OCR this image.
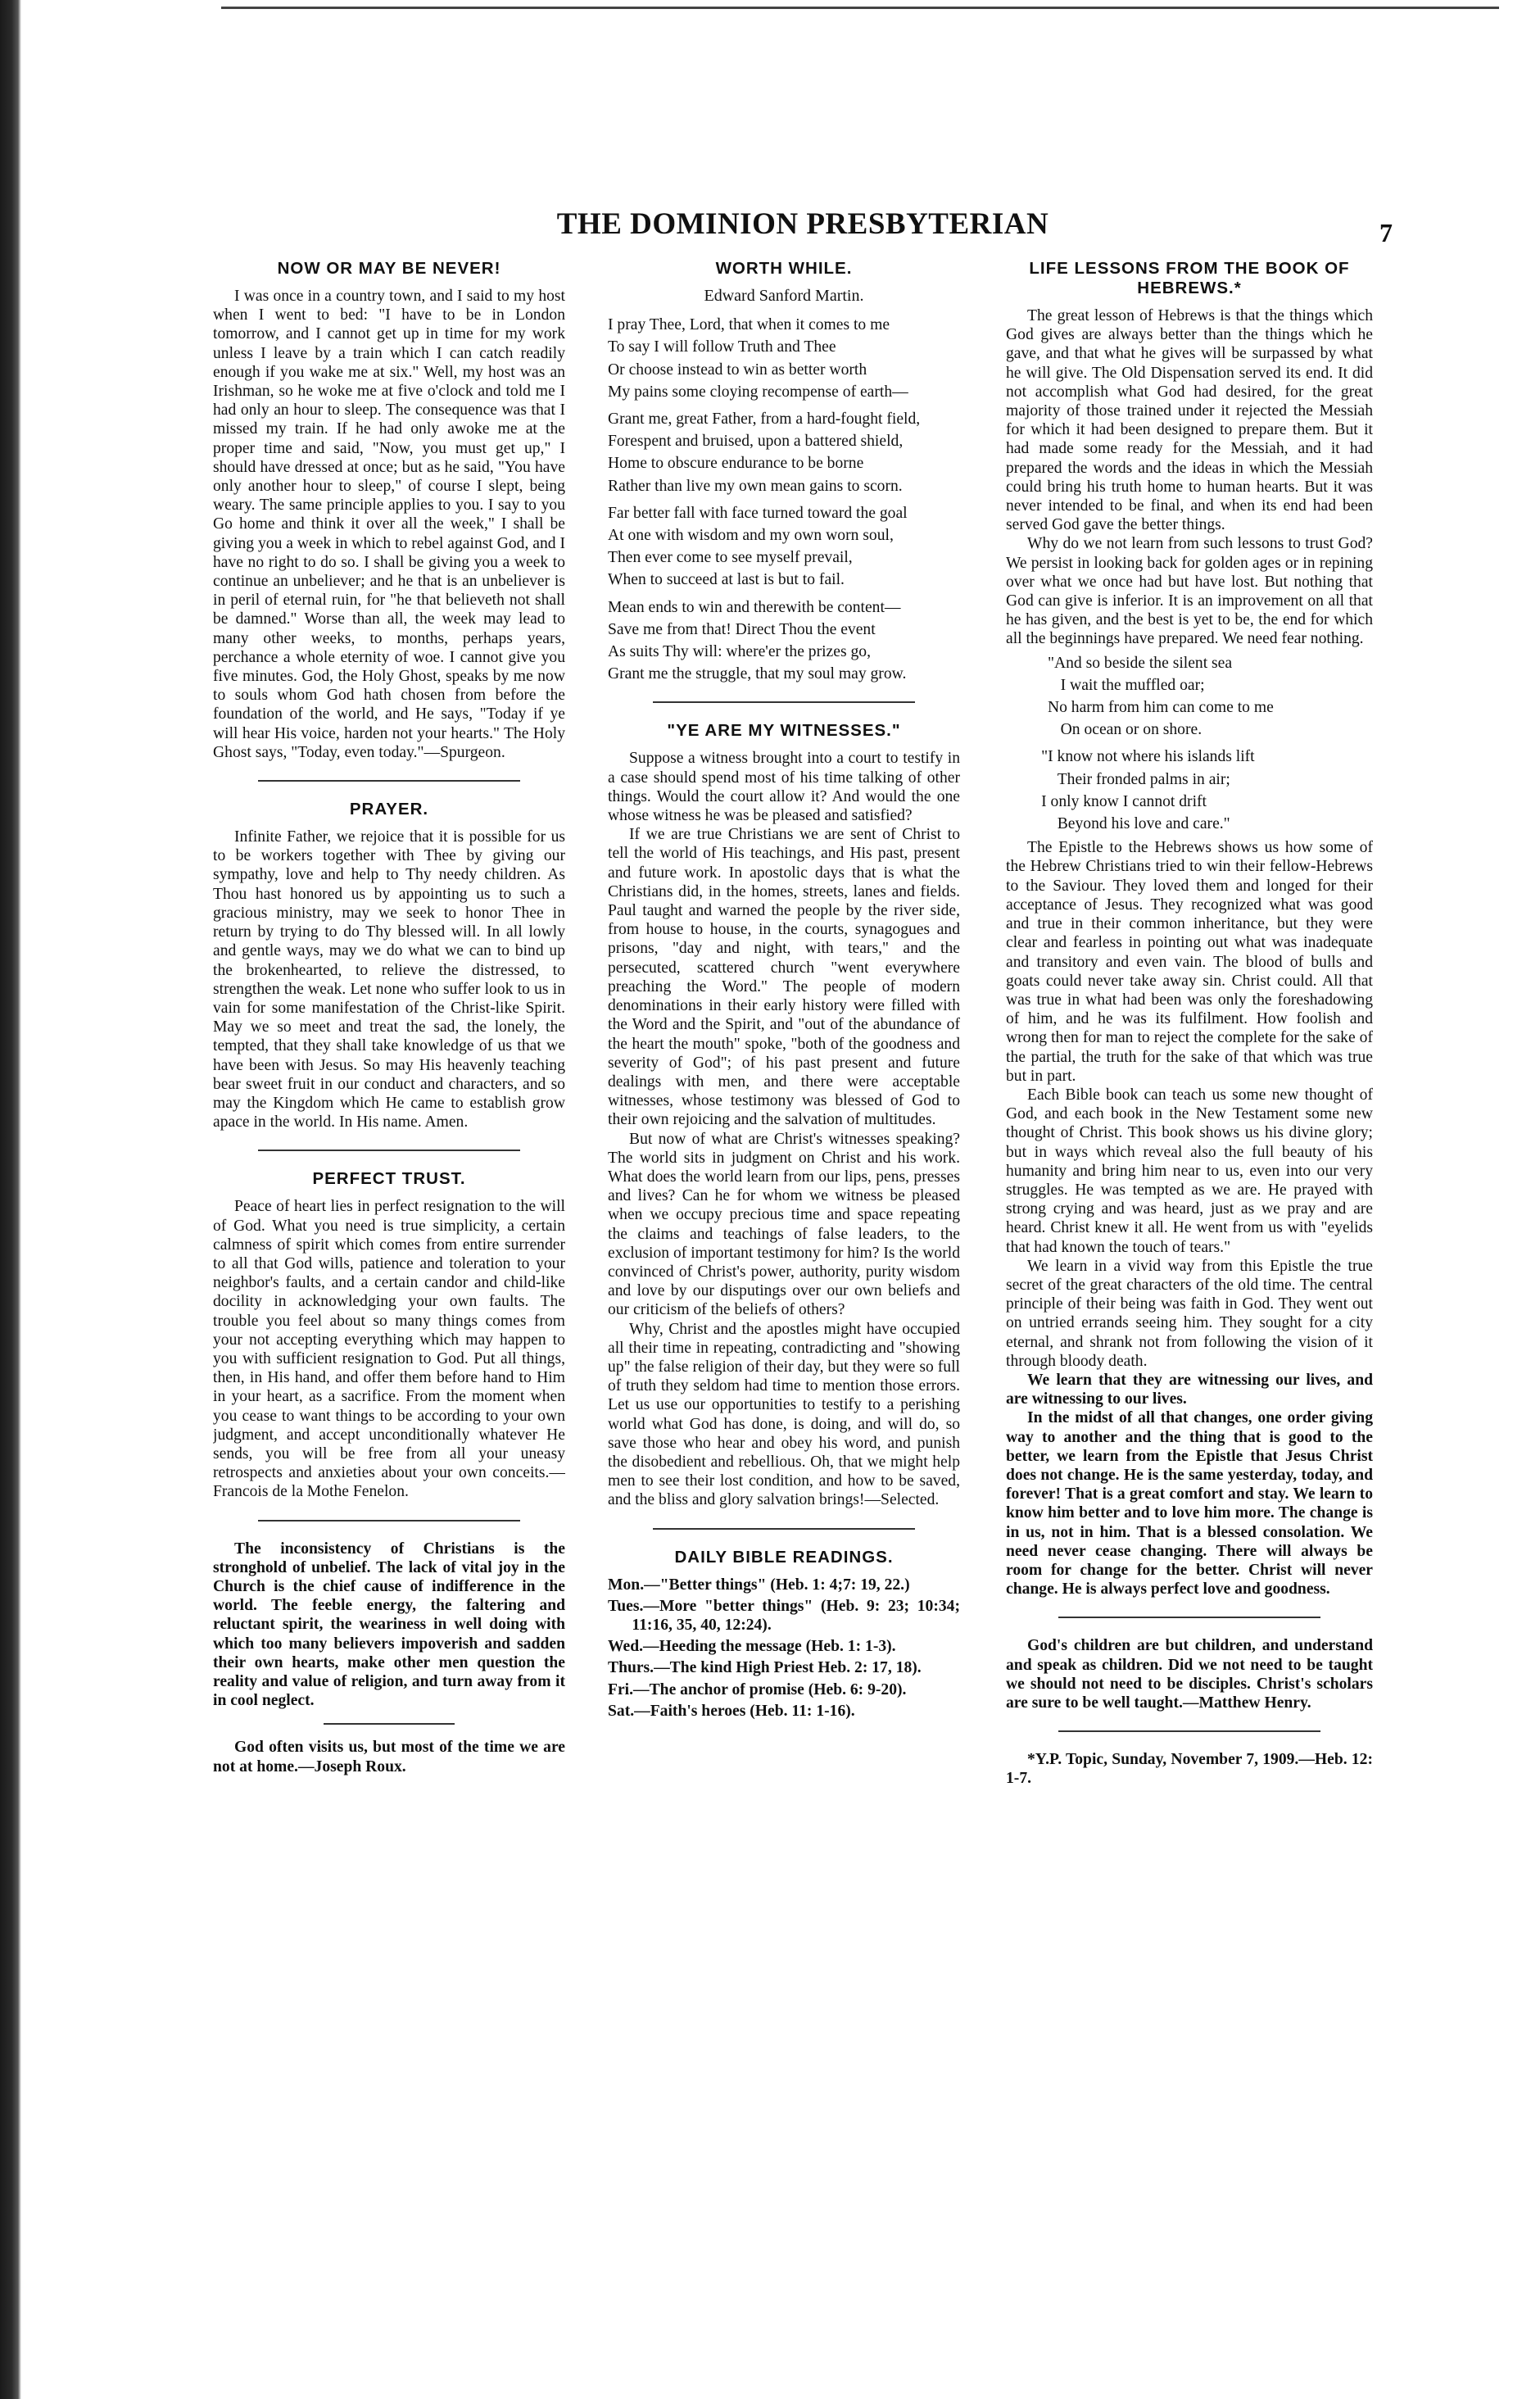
THE DOMINION PRESBYTERIAN	7
NOW OR MAY BE NEVER!

I was once in a country town, and I said to my host when I went to bed: "I have to be in London tomorrow, and I cannot get up in time for my work unless I leave by a train which I can catch readily enough if you wake me at six." Well, my host was an Irishman, so he woke me at five o'clock and told me I had only an hour to sleep. The consequence was that I missed my train. If he had only awoke me at the proper time and said, "Now, you must get up," I should have dressed at once; but as he said, "You have only another hour to sleep," of course I slept, being weary. The same principle applies to you. I say to you Go home and think it over all the week," I shall be giving you a week in which to rebel against God, and I have no right to do so. I shall be giving you a week to continue an unbeliever; and he that is an unbeliever is in peril of eternal ruin, for "he that believeth not shall be damned." Worse than all, the week may lead to many other weeks, to months, perhaps years, perchance a whole eternity of woe. I cannot give you five minutes. God, the Holy Ghost, speaks by me now to souls whom God hath chosen from before the foundation of the world, and He says, "Today if ye will hear His voice, harden not your hearts." The Holy Ghost says, "Today, even today."—Spurgeon.

PRAYER.

Infinite Father, we rejoice that it is possible for us to be workers together with Thee by giving our sympathy, love and help to Thy needy children. As Thou hast honored us by appointing us to such a gracious ministry, may we seek to honor Thee in return by trying to do Thy blessed will. In all lowly and gentle ways, may we do what we can to bind up the brokenhearted, to relieve the distressed, to strengthen the weak. Let none who suffer look to us in vain for some manifestation of the Christ-like Spirit. May we so meet and treat the sad, the lonely, the tempted, that they shall take knowledge of us that we have been with Jesus. So may His heavenly teaching bear sweet fruit in our conduct and characters, and so may the Kingdom which He came to establish grow apace in the world. In His name. Amen.

PERFECT TRUST.

Peace of heart lies in perfect resignation to the will of God. What you need is true simplicity, a certain calmness of spirit which comes from entire surrender to all that God wills, patience and toleration to your neighbor's faults, and a certain candor and child-like docility in acknowledging your own faults. The trouble you feel about so many things comes from your not accepting everything which may happen to you with sufficient resignation to God. Put all things, then, in His hand, and offer them before hand to Him in your heart, as a sacrifice. From the moment when you cease to want things to be according to your own judgment, and accept unconditionally whatever He sends, you will be free from all your uneasy retrospects and anxieties about your own conceits.—Francois de la Mothe Fenelon.

The inconsistency of Christians is the stronghold of unbelief. The lack of vital joy in the Church is the chief cause of indifference in the world. The feeble energy, the faltering and reluctant spirit, the weariness in well doing with which too many believers impoverish and sadden their own hearts, make other men question the reality and value of religion, and turn away from it in cool neglect.

God often visits us, but most of the time we are not at home.—Joseph Roux.

WORTH WHILE.

Edward Sanford Martin.

I pray Thee, Lord, that when it comes to me

To say I will follow Truth and Thee

Or choose instead to win as better worth

My pains some cloying recompense of earth—

Grant me, great Father, from a hard-fought field,

Forespent and bruised, upon a battered shield,

Home to obscure endurance to be borne

Rather than live my own mean gains to scorn.

Far better fall with face turned toward the goal

At one with wisdom and my own worn soul,

Then ever come to see myself prevail,

When to succeed at last is but to fail.

Mean ends to win and therewith be content—

Save me from that! Direct Thou the event

As suits Thy will: where'er the prizes go,

Grant me the struggle, that my soul may grow.

"YE ARE MY WITNESSES."

Suppose a witness brought into a court to testify in a case should spend most of his time talking of other things. Would the court allow it? And would the one whose witness he was be pleased and satisfied?

If we are true Christians we are sent of Christ to tell the world of His teachings, and His past, present and future work. In apostolic days that is what the Christians did, in the homes, streets, lanes and fields. Paul taught and warned the people by the river side, from house to house, in the courts, synagogues and prisons, "day and night, with tears," and the persecuted, scattered church "went everywhere preaching the Word." The people of modern denominations in their early history were filled with the Word and the Spirit, and "out of the abundance of the heart the mouth" spoke, "both of the goodness and severity of God"; of his past present and future dealings with men, and there were acceptable witnesses, whose testimony was blessed of God to their own rejoicing and the salvation of multitudes.

But now of what are Christ's witnesses speaking? The world sits in judgment on Christ and his work. What does the world learn from our lips, pens, presses and lives? Can he for whom we witness be pleased when we occupy precious time and space repeating the claims and teachings of false leaders, to the exclusion of important testimony for him? Is the world convinced of Christ's power, authority, purity wisdom and love by our disputings over our own beliefs and our criticism of the beliefs of others?

Why, Christ and the apostles might have occupied all their time in repeating, contradicting and "showing up" the false religion of their day, but they were so full of truth they seldom had time to mention those errors. Let us use our opportunities to testify to a perishing world what God has done, is doing, and will do, so save those who hear and obey his word, and punish the disobedient and rebellious. Oh, that we might help men to see their lost condition, and how to be saved, and the bliss and glory salvation brings!—Selected.

DAILY BIBLE READINGS.

Mon.—"Better things" (Heb. 1: 4;7: 19, 22.)

Tues.—More "better things" (Heb. 9: 23; 10:34; 11:16, 35, 40, 12:24).

Wed.—Heeding the message (Heb. 1: 1-3).

Thurs.—The kind High Priest Heb. 2: 17, 18).

Fri.—The anchor of promise (Heb. 6: 9-20).

Sat.—Faith's heroes (Heb. 11: 1-16).

LIFE LESSONS FROM THE BOOK OF HEBREWS.*

The great lesson of Hebrews is that the things which God gives are always better than the things which he gave, and that what he gives will be surpassed by what he will give. The Old Dispensation served its end. It did not accomplish what God had desired, for the great majority of those trained under it rejected the Messiah for which it had been designed to prepare them. But it had made some ready for the Messiah, and it had prepared the words and the ideas in which the Messiah could bring his truth home to human hearts. But it was never intended to be final, and when its end had been served God gave the better things.

Why do we not learn from such lessons to trust God? We persist in looking back for golden ages or in repining over what we once had but have lost. But nothing that God can give is inferior. It is an improvement on all that he has given, and the best is yet to be, the end for which all the beginnings have prepared. We need fear nothing.

"And so beside the silent sea

I wait the muffled oar;

No harm from him can come to me

On ocean or on shore.

"I know not where his islands lift

Their fronded palms in air;

I only know I cannot drift

Beyond his love and care."

The Epistle to the Hebrews shows us how some of the Hebrew Christians tried to win their fellow-Hebrews to the Saviour. They loved them and longed for their acceptance of Jesus. They recognized what was good and true in their common inheritance, but they were clear and fearless in pointing out what was inadequate and transitory and even vain. The blood of bulls and goats could never take away sin. Christ could. All that was true in what had been was only the foreshadowing of him, and he was its fulfilment. How foolish and wrong then for man to reject the complete for the sake of the partial, the truth for the sake of that which was true but in part.

Each Bible book can teach us some new thought of God, and each book in the New Testament some new thought of Christ. This book shows us his divine glory; but in ways which reveal also the full beauty of his humanity and bring him near to us, even into our very struggles. He was tempted as we are. He prayed with strong crying and was heard, just as we pray and are heard. Christ knew it all. He went from us with "eyelids that had known the touch of tears."

We learn in a vivid way from this Epistle the true secret of the great characters of the old time. The central principle of their being was faith in God. They went out on untried errands seeing him. They sought for a city eternal, and shrank not from following the vision of it through bloody death.

We learn that they are witnessing our lives, and are witnessing to our lives.

In the midst of all that changes, one order giving way to another and the thing that is good to the better, we learn from the Epistle that Jesus Christ does not change. He is the same yesterday, today, and forever! That is a great comfort and stay. We learn to know him better and to love him more. The change is in us, not in him. That is a blessed consolation. We need never cease changing. There will always be room for change for the better. Christ will never change. He is always perfect love and goodness.

God's children are but children, and understand and speak as children. Did we not need to be taught we should not need to be disciples. Christ's scholars are sure to be well taught.—Matthew Henry.

*Y.P. Topic, Sunday, November 7, 1909.—Heb. 12: 1-7.
